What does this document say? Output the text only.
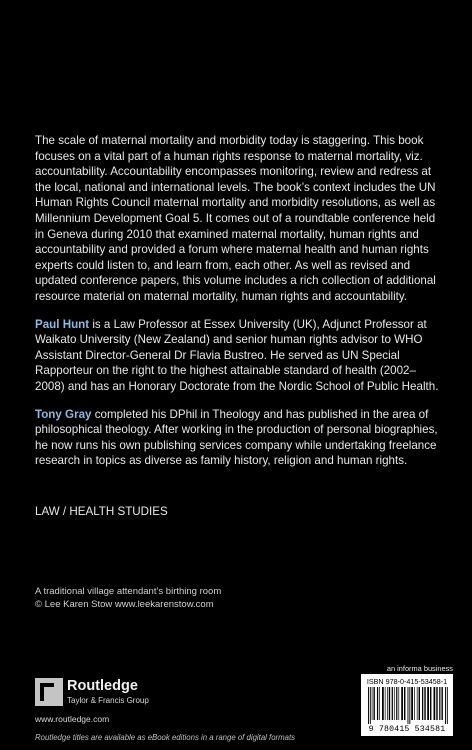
The scale of maternal mortality and morbidity today is staggering. This book focuses on a vital part of a human rights response to maternal mortality, viz. accountability. Accountability encompasses monitoring, review and redress at the local, national and international levels. The book’s context includes the UN Human Rights Council maternal mortality and morbidity resolutions, as well as Millennium Development Goal 5. It comes out of a roundtable conference held in Geneva during 2010 that examined maternal mortality, human rights and accountability and provided a forum where maternal health and human rights experts could listen to, and learn from, each other. As well as revised and updated conference papers, this volume includes a rich collection of additional resource material on maternal mortality, human rights and accountability.

Paul Hunt is a Law Professor at Essex University (UK), Adjunct Professor at Waikato University (New Zealand) and senior human rights advisor to WHO Assistant Director-General Dr Flavia Bustreo. He served as UN Special Rapporteur on the right to the highest attainable standard of health (2002–2008) and has an Honorary Doctorate from the Nordic School of Public Health.

Tony Gray completed his DPhil in Theology and has published in the area of philosophical theology. After working in the production of personal biographies, he now runs his own publishing services company while undertaking freelance research in topics as diverse as family history, religion and human rights.

LAW / HEALTH STUDIES
A traditional village attendant’s birthing room
© Lee Karen Stow www.leekarenstow.com
Routledge
Taylor & Francis Group
www.routledge.com
Routledge titles are available as eBook editions in a range of digital formats
an informa business
ISBN 978-0-415-53458-1
9 780415 534581
